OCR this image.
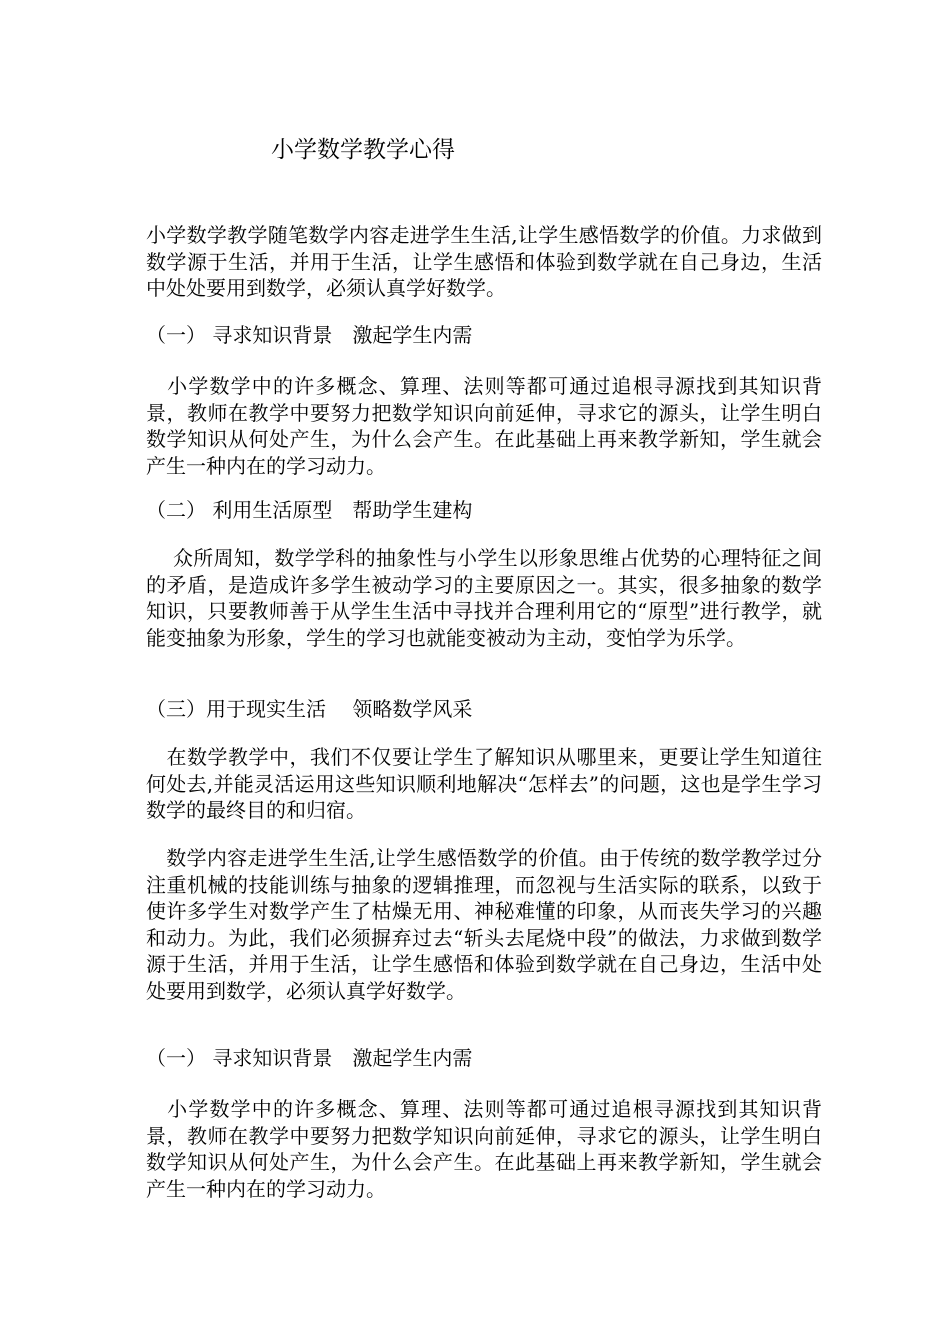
小学数学教学心得

小学数学教学随笔数学内容走进学生生活,让学生感悟数学的价值。力求做到数学源于生活，并用于生活，让学生感悟和体验到数学就在自己身边，生活中处处要用到数学，必须认真学好数学。

（一） 寻求知识背景　激起学生内需

　小学数学中的许多概念、算理、法则等都可通过追根寻源找到其知识背景，教师在教学中要努力把数学知识向前延伸，寻求它的源头，让学生明白数学知识从何处产生，为什么会产生。在此基础上再来教学新知，学生就会产生一种内在的学习动力。

（二） 利用生活原型　帮助学生建构

　 众所周知，数学学科的抽象性与小学生以形象思维占优势的心理特征之间的矛盾，是造成许多学生被动学习的主要原因之一。其实，很多抽象的数学知识，只要教师善于从学生生活中寻找并合理利用它的“原型”进行教学，就能变抽象为形象，学生的学习也就能变被动为主动，变怕学为乐学。

（三）用于现实生活　 领略数学风采

　在数学教学中，我们不仅要让学生了解知识从哪里来，更要让学生知道往何处去,并能灵活运用这些知识顺利地解决“怎样去”的问题，这也是学生学习数学的最终目的和归宿。

　数学内容走进学生生活,让学生感悟数学的价值。由于传统的数学教学过分注重机械的技能训练与抽象的逻辑推理，而忽视与生活实际的联系，以致于使许多学生对数学产生了枯燥无用、神秘难懂的印象，从而丧失学习的兴趣和动力。为此，我们必须摒弃过去“斩头去尾烧中段”的做法，力求做到数学源于生活，并用于生活，让学生感悟和体验到数学就在自己身边，生活中处处要用到数学，必须认真学好数学。

（一） 寻求知识背景　激起学生内需

　小学数学中的许多概念、算理、法则等都可通过追根寻源找到其知识背景，教师在教学中要努力把数学知识向前延伸，寻求它的源头，让学生明白数学知识从何处产生，为什么会产生。在此基础上再来教学新知，学生就会产生一种内在的学习动力。
